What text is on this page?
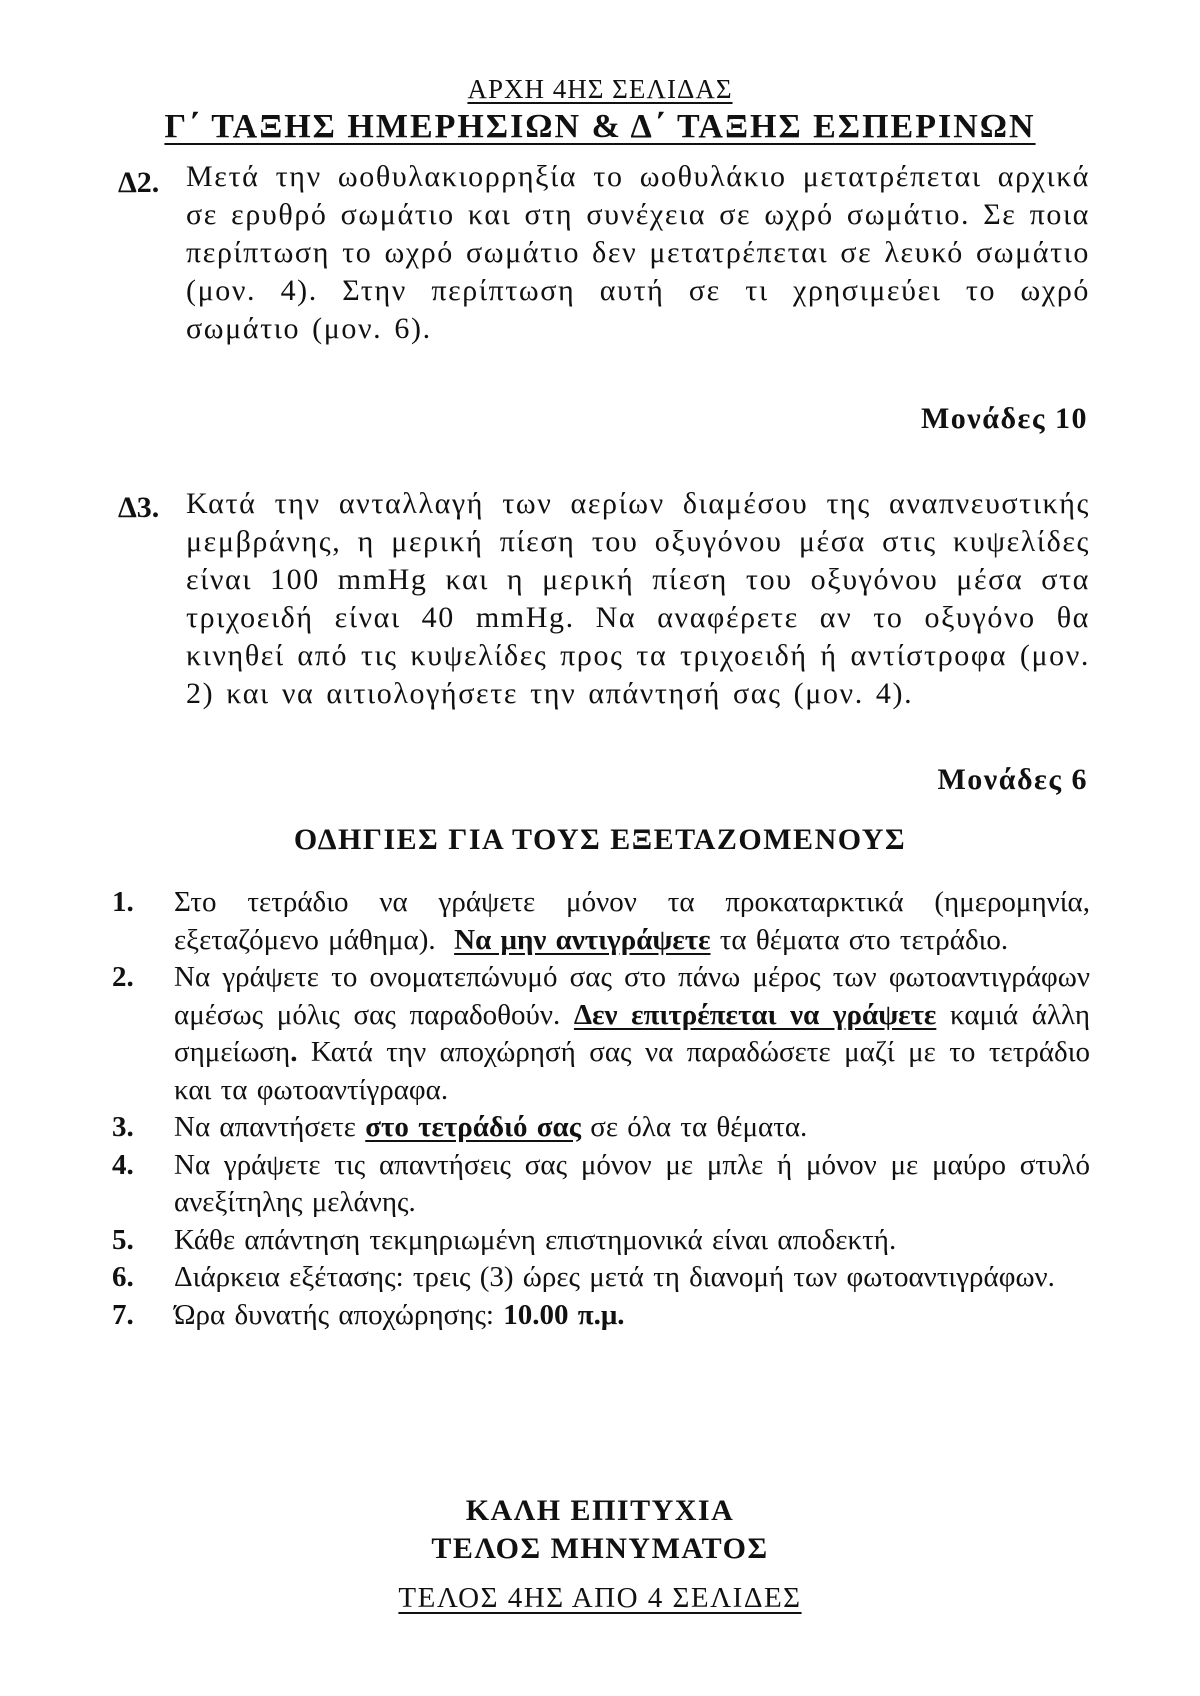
ΑΡΧΗ 4ΗΣ ΣΕΛΙΔΑΣ
Γ΄ ΤΑΞΗΣ ΗΜΕΡΗΣΙΩΝ & Δ΄ ΤΑΞΗΣ ΕΣΠΕΡΙΝΩΝ
Δ2. Μετά την ωοθυλακιορρηξία το ωοθυλάκιο μετατρέπεται αρχικά σε ερυθρό σωμάτιο και στη συνέχεια σε ωχρό σωμάτιο. Σε ποια περίπτωση το ωχρό σωμάτιο δεν μετατρέπεται σε λευκό σωμάτιο (μον. 4). Στην περίπτωση αυτή σε τι χρησιμεύει το ωχρό σωμάτιο (μον. 6).
Μονάδες 10
Δ3. Κατά την ανταλλαγή των αερίων διαμέσου της αναπνευστικής μεμβράνης, η μερική πίεση του οξυγόνου μέσα στις κυψελίδες είναι 100 mmHg και η μερική πίεση του οξυγόνου μέσα στα τριχοειδή είναι 40 mmHg. Να αναφέρετε αν το οξυγόνο θα κινηθεί από τις κυψελίδες προς τα τριχοειδή ή αντίστροφα (μον. 2) και να αιτιολογήσετε την απάντησή σας (μον. 4).
Μονάδες 6
ΟΔΗΓΙΕΣ ΓΙΑ ΤΟΥΣ ΕΞΕΤΑΖΟΜΕΝΟΥΣ
1. Στο τετράδιο να γράψετε μόνον τα προκαταρκτικά (ημερομηνία, εξεταζόμενο μάθημα). Να μην αντιγράψετε τα θέματα στο τετράδιο.
2. Να γράψετε το ονοματεπώνυμό σας στο πάνω μέρος των φωτοαντιγράφων αμέσως μόλις σας παραδοθούν. Δεν επιτρέπεται να γράψετε καμιά άλλη σημείωση. Κατά την αποχώρησή σας να παραδώσετε μαζί με το τετράδιο και τα φωτοαντίγραφα.
3. Να απαντήσετε στο τετράδιό σας σε όλα τα θέματα.
4. Να γράψετε τις απαντήσεις σας μόνον με μπλε ή μόνον με μαύρο στυλό ανεξίτηλης μελάνης.
5. Κάθε απάντηση τεκμηριωμένη επιστημονικά είναι αποδεκτή.
6. Διάρκεια εξέτασης: τρεις (3) ώρες μετά τη διανομή των φωτοαντιγράφων.
7. Ώρα δυνατής αποχώρησης: 10.00 π.μ.
ΚΑΛΗ ΕΠΙΤΥΧΙΑ
ΤΕΛΟΣ ΜΗΝΥΜΑΤΟΣ
ΤΕΛΟΣ 4ΗΣ ΑΠΟ 4 ΣΕΛΙΔΕΣ
